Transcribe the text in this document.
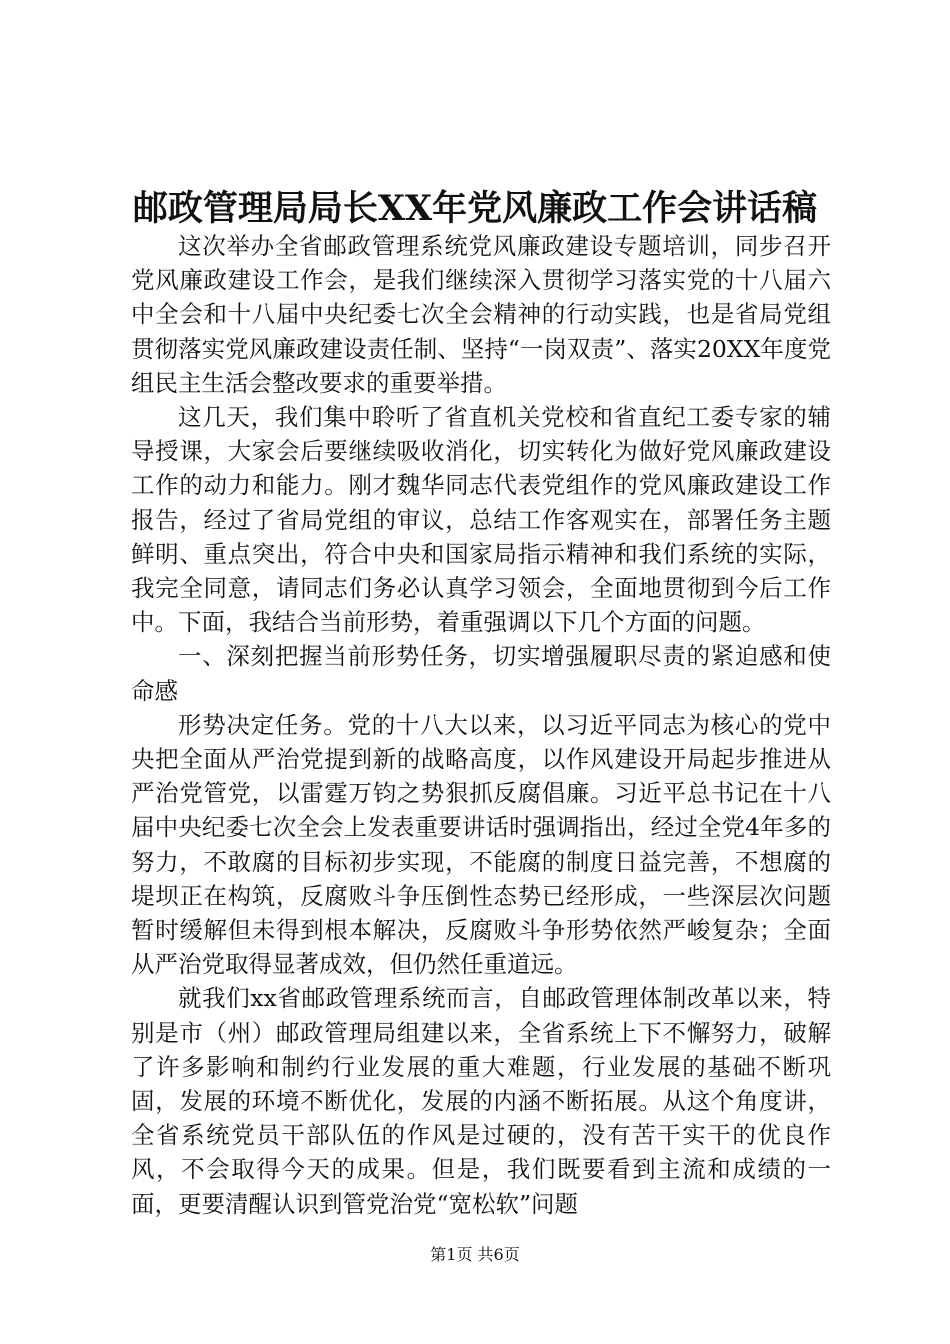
邮政管理局局长XX年党风廉政工作会讲话稿

这次举办全省邮政管理系统党风廉政建设专题培训，同步召开党风廉政建设工作会，是我们继续深入贯彻学习落实党的十八届六中全会和十八届中央纪委七次全会精神的行动实践，也是省局党组贯彻落实党风廉政建设责任制、坚持“一岗双责”、落实20XX年度党组民主生活会整改要求的重要举措。

这几天，我们集中聆听了省直机关党校和省直纪工委专家的辅导授课，大家会后要继续吸收消化，切实转化为做好党风廉政建设工作的动力和能力。刚才魏华同志代表党组作的党风廉政建设工作报告，经过了省局党组的审议，总结工作客观实在，部署任务主题鲜明、重点突出，符合中央和国家局指示精神和我们系统的实际，我完全同意，请同志们务必认真学习领会，全面地贯彻到今后工作中。下面，我结合当前形势，着重强调以下几个方面的问题。

一、深刻把握当前形势任务，切实增强履职尽责的紧迫感和使命感

形势决定任务。党的十八大以来，以习近平同志为核心的党中央把全面从严治党提到新的战略高度，以作风建设开局起步推进从严治党管党，以雷霆万钧之势狠抓反腐倡廉。习近平总书记在十八届中央纪委七次全会上发表重要讲话时强调指出，经过全党4年多的努力，不敢腐的目标初步实现，不能腐的制度日益完善，不想腐的堤坝正在构筑，反腐败斗争压倒性态势已经形成，一些深层次问题暂时缓解但未得到根本解决，反腐败斗争形势依然严峻复杂；全面从严治党取得显著成效，但仍然任重道远。

就我们xx省邮政管理系统而言，自邮政管理体制改革以来，特别是市（州）邮政管理局组建以来，全省系统上下不懈努力，破解了许多影响和制约行业发展的重大难题，行业发展的基础不断巩固，发展的环境不断优化，发展的内涵不断拓展。从这个角度讲，全省系统党员干部队伍的作风是过硬的，没有苦干实干的优良作风，不会取得今天的成果。但是，我们既要看到主流和成绩的一面，更要清醒认识到管党治党“宽松软”问题

第1页 共6页
